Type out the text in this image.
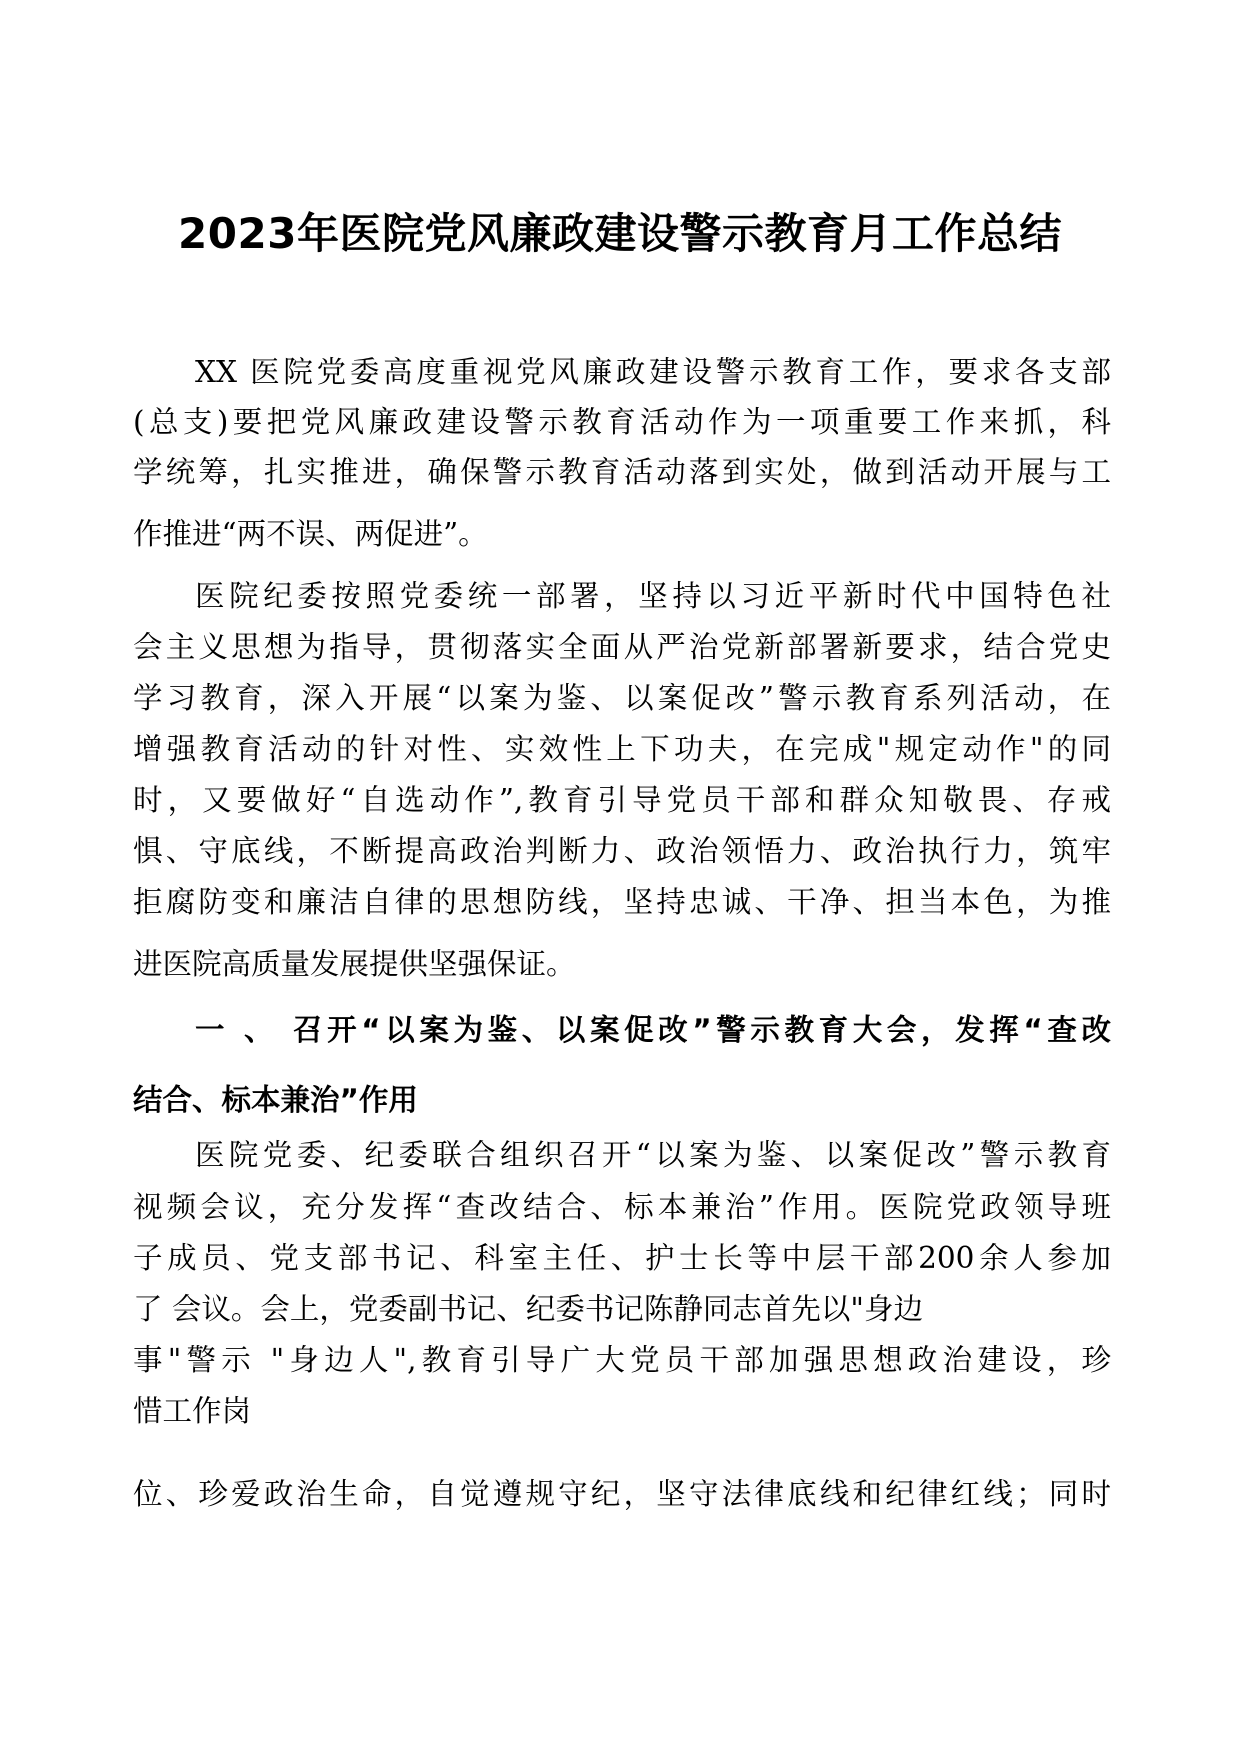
2023年医院党风廉政建设警示教育月工作总结
XX 医院党委高度重视党风廉政建设警示教育工作，要求各支部
(总支)要把党风廉政建设警示教育活动作为一项重要工作来抓，科
学统筹，扎实推进，确保警示教育活动落到实处，做到活动开展与工
作推进“两不误、两促进”。
医院纪委按照党委统一部署，坚持以习近平新时代中国特色社
会主义思想为指导，贯彻落实全面从严治党新部署新要求，结合党史
学习教育，深入开展“以案为鉴、以案促改”警示教育系列活动，在
增强教育活动的针对性、实效性上下功夫，在完成"规定动作"的同
时，又要做好“自选动作”,教育引导党员干部和群众知敬畏、存戒
惧、守底线，不断提高政治判断力、政治领悟力、政治执行力，筑牢
拒腐防变和廉洁自律的思想防线，坚持忠诚、干净、担当本色，为推
进医院高质量发展提供坚强保证。
一 、 召开“以案为鉴、以案促改”警示教育大会，发挥“查改
结合、标本兼治”作用
医院党委、纪委联合组织召开“以案为鉴、以案促改”警示教育
视频会议，充分发挥“查改结合、标本兼治”作用。医院党政领导班
子成员、党支部书记、科室主任、护士长等中层干部200余人参加
了 会议。会上，党委副书记、纪委书记陈静同志首先以"身边
事"警示 "身边人",教育引导广大党员干部加强思想政治建设，珍
惜工作岗
位、珍爱政治生命，自觉遵规守纪，坚守法律底线和纪律红线；同时
